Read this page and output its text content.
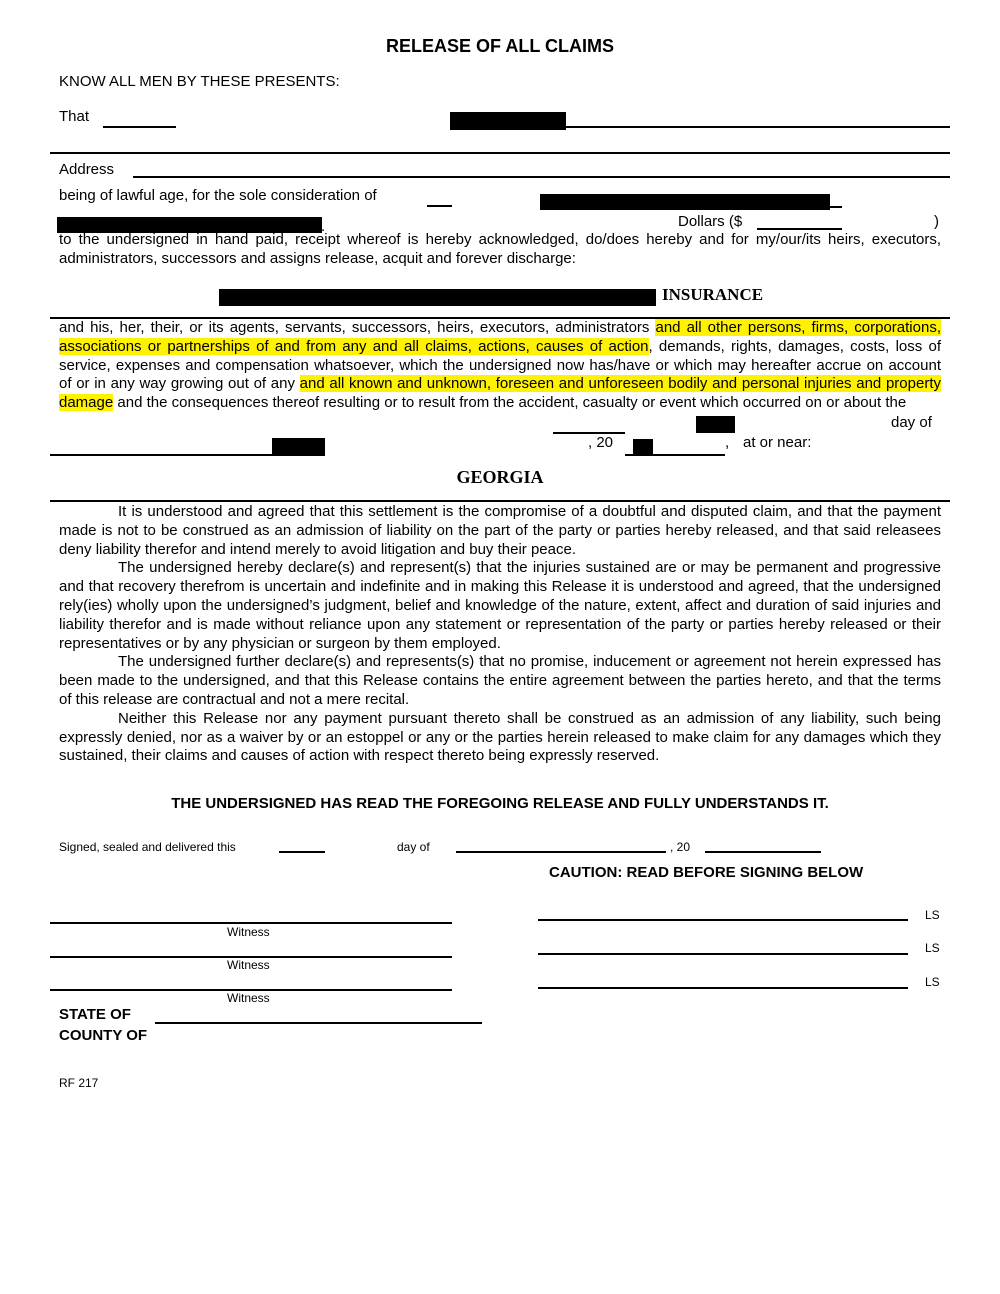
RELEASE OF ALL CLAIMS
KNOW ALL MEN BY THESE PRESENTS:
That
Address
being of lawful age, for the sole consideration of
.	Dollars ($	)
to the undersigned in hand paid, receipt whereof is hereby acknowledged, do/does hereby and for my/our/its heirs, executors, administrators, successors and assigns release, acquit and forever discharge:
INSURANCE
and his, her, their, or its agents, servants, successors, heirs, executors, administrators and all other persons, firms, corporations, associations or partnerships of and from any and all claims, actions, causes of action, demands, rights, damages, costs, loss of service, expenses and compensation whatsoever, which the undersigned now has/have or which may hereafter accrue on account of or in any way growing out of any and all known and unknown, foreseen and unforeseen bodily and personal injuries and property damage and the consequences thereof resulting or to result from the accident, casualty or event which occurred on or about the
day of
, 20	, at or near:
GEORGIA
It is understood and agreed that this settlement is the compromise of a doubtful and disputed claim, and that the payment made is not to be construed as an admission of liability on the part of the party or parties hereby released, and that said releasees deny liability therefor and intend merely to avoid litigation and buy their peace.
The undersigned hereby declare(s) and represent(s) that the injuries sustained are or may be permanent and progressive and that recovery therefrom is uncertain and indefinite and in making this Release it is understood and agreed, that the undersigned rely(ies) wholly upon the undersigned’s judgment, belief and knowledge of the nature, extent, affect and duration of said injuries and liability therefor and is made without reliance upon any statement or representation of the party or parties hereby released or their representatives or by any physician or surgeon by them employed.
The undersigned further declare(s) and represents(s) that no promise, inducement or agreement not herein expressed has been made to the undersigned, and that this Release contains the entire agreement between the parties hereto, and that the terms of this release are contractual and not a mere recital.
Neither this Release nor any payment pursuant thereto shall be construed as an admission of any liability, such being expressly denied, nor as a waiver by or an estoppel or any or the parties herein released to make claim for any damages which they sustained, their claims and causes of action with respect thereto being expressly reserved.
THE UNDERSIGNED HAS READ THE FOREGOING RELEASE AND FULLY UNDERSTANDS IT.
Signed, sealed and delivered this	day of	, 20
CAUTION: READ BEFORE SIGNING BELOW
Witness
Witness
Witness
LS
LS
LS
STATE OF
COUNTY OF
RF 217
